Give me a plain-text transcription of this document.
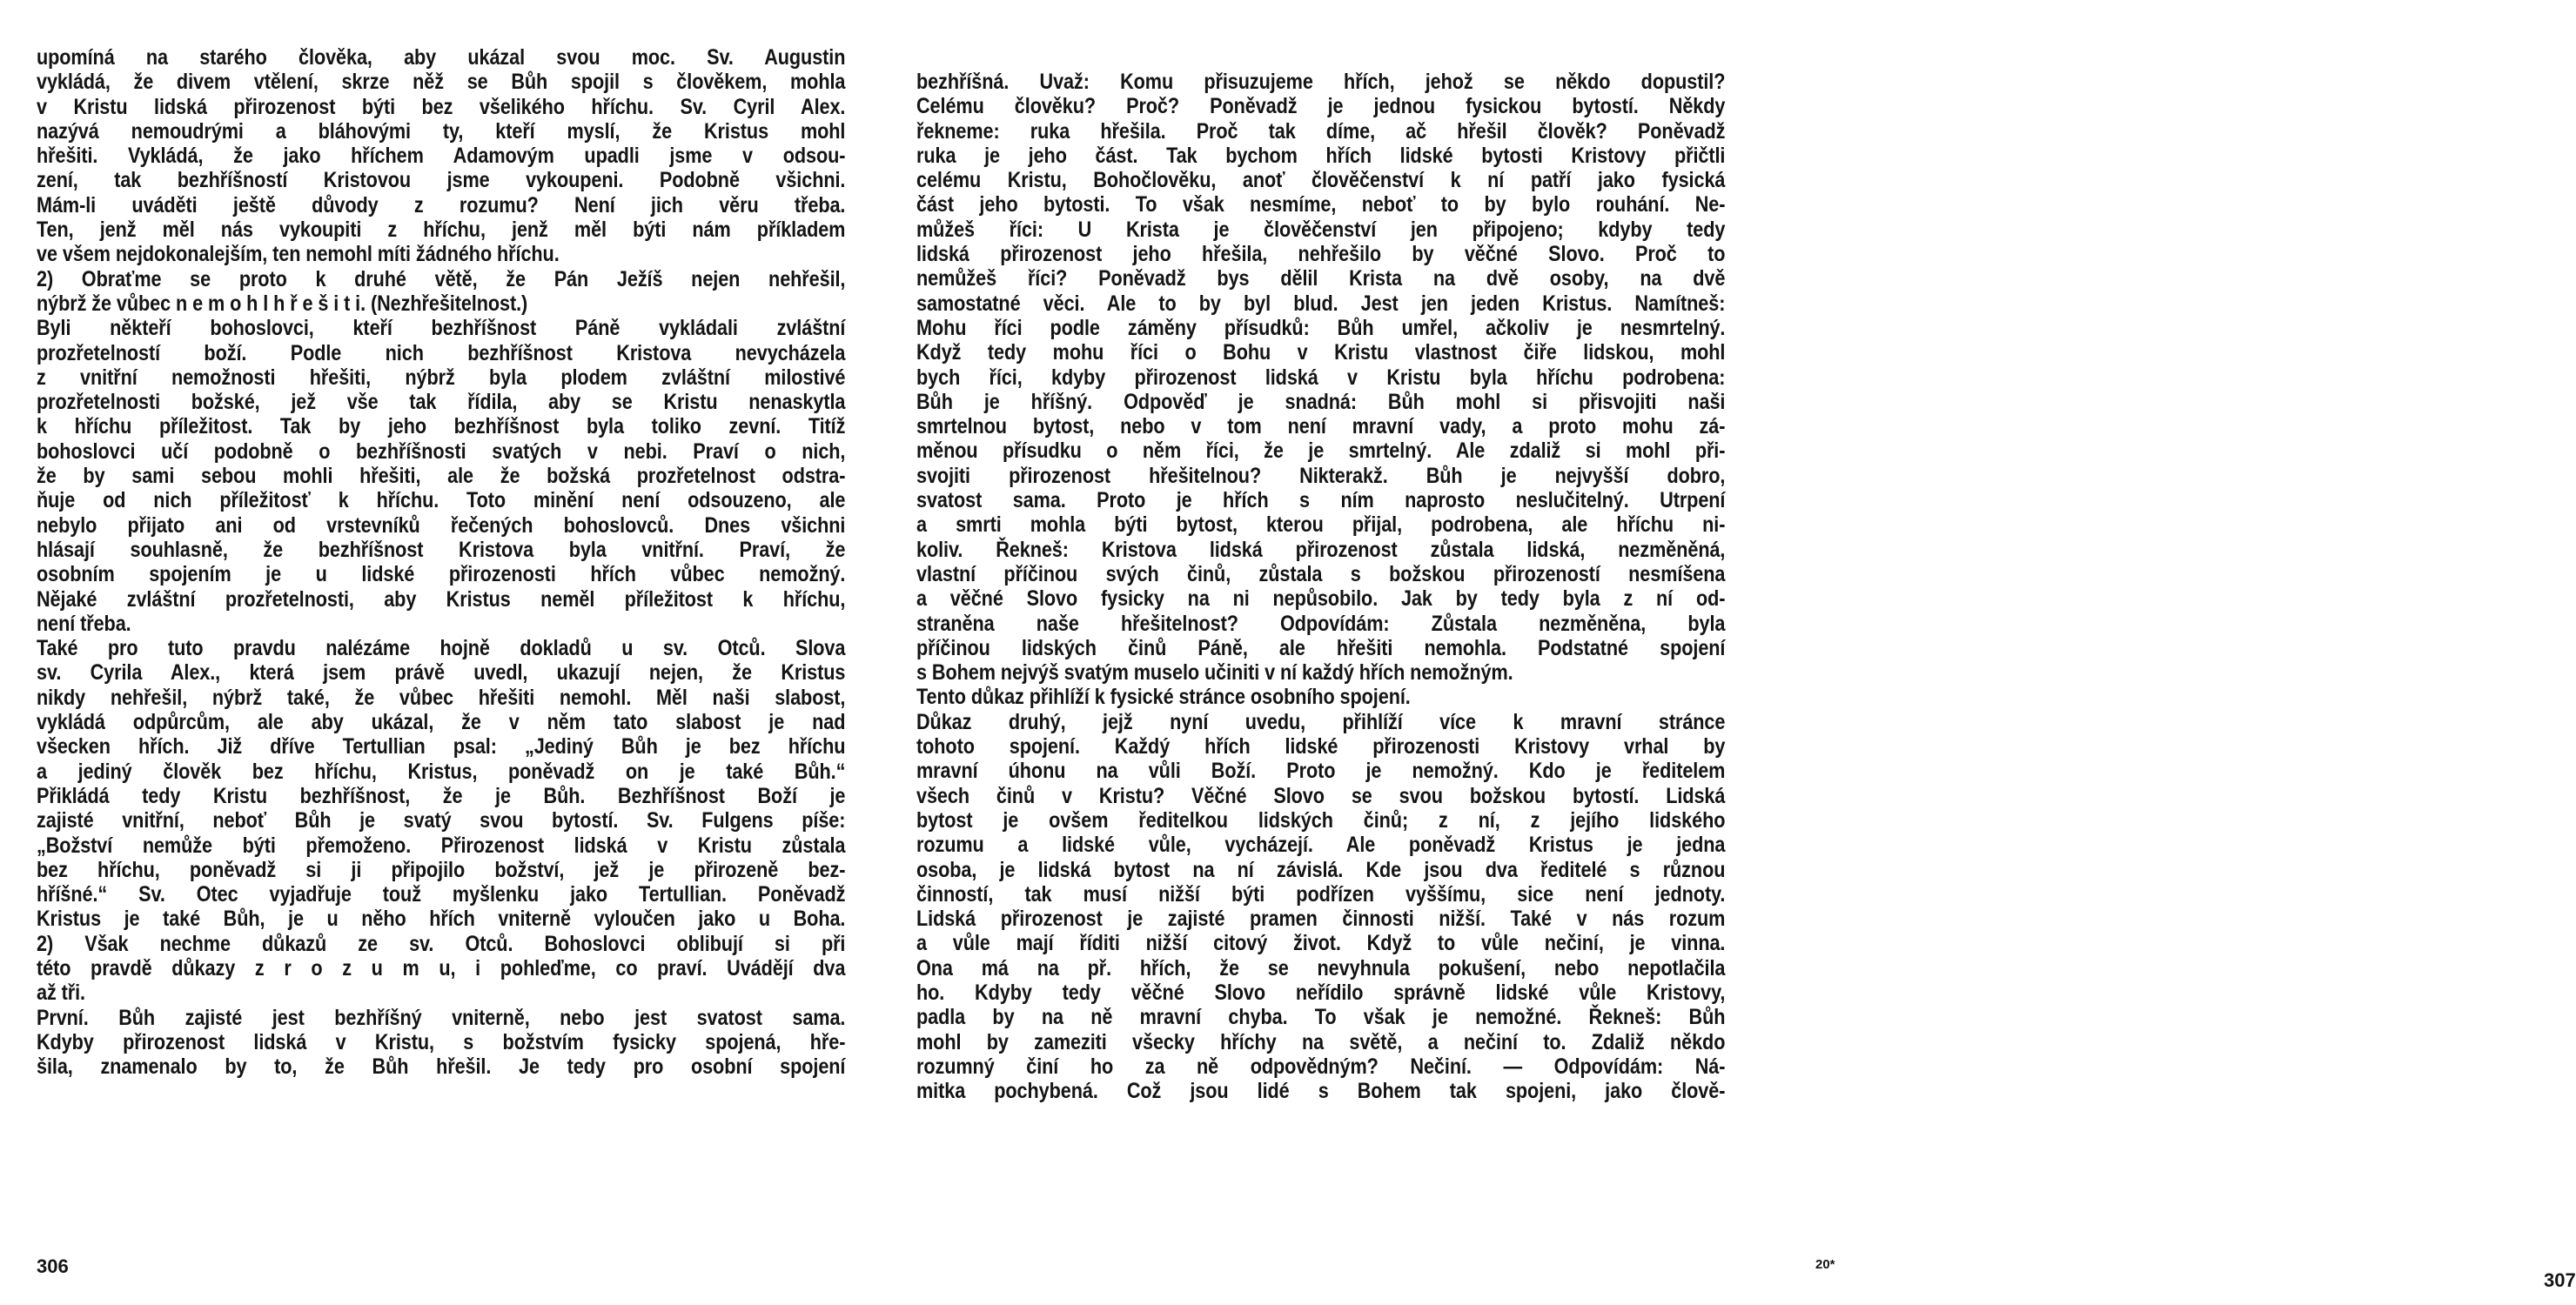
upomíná na starého člověka, aby ukázal svou moc. Sv. Augustin
vykládá, že divem vtělení, skrze něž se Bůh spojil s člověkem, mohla
v Kristu lidská přirozenost býti bez všelikého hříchu. Sv. Cyril Alex.
nazývá nemoudrými a bláhovými ty, kteří myslí, že Kristus mohl
hřešiti. Vykládá, že jako hříchem Adamovým upadli jsme v odsou-
zení, tak bezhříšností Kristovou jsme vykoupeni. Podobně všichni.
Mám-li uváděti ještě důvody z rozumu? Není jich věru třeba.
Ten, jenž měl nás vykoupiti z hříchu, jenž měl býti nám příkladem
ve všem nejdokonalejším, ten nemohl míti žádného hříchu.
2) Obraťme se proto k druhé větě, že Pán Ježíš nejen nehřešil,
nýbrž že vůbec n e m o h l h ř e š i t i. (Nezhřešitelnost.)
Byli někteří bohoslovci, kteří bezhříšnost Páně vykládali zvláštní
prozřetelností boží. Podle nich bezhříšnost Kristova nevycházela
z vnitřní nemožnosti hřešiti, nýbrž byla plodem zvláštní milostivé
prozřetelnosti božské, jež vše tak řídila, aby se Kristu nenaskytla
k hříchu příležitost. Tak by jeho bezhříšnost byla toliko zevní. Titíž
bohoslovci učí podobně o bezhříšnosti svatých v nebi. Praví o nich,
že by sami sebou mohli hřešiti, ale že božská prozřetelnost odstra-
ňuje od nich příležitosť k hříchu. Toto minění není odsouzeno, ale
nebylo přijato ani od vrstevníků řečených bohoslovců. Dnes všichni
hlásají souhlasně, že bezhříšnost Kristova byla vnitřní. Praví, že
osobním spojením je u lidské přirozenosti hřích vůbec nemožný.
Nějaké zvláštní prozřetelnosti, aby Kristus neměl příležitost k hříchu,
není třeba.
Také pro tuto pravdu nalézáme hojně dokladů u sv. Otců. Slova
sv. Cyrila Alex., která jsem právě uvedl, ukazují nejen, že Kristus
nikdy nehřešil, nýbrž také, že vůbec hřešiti nemohl. Měl naši slabost,
vykládá odpůrcům, ale aby ukázal, že v něm tato slabost je nad
všecken hřích. Již dříve Tertullian psal: „Jediný Bůh je bez hříchu
a jediný člověk bez hříchu, Kristus, poněvadž on je také Bůh.“
Přikládá tedy Kristu bezhříšnost, že je Bůh. Bezhříšnost Boží je
zajisté vnitřní, neboť Bůh je svatý svou bytostí. Sv. Fulgens píše:
„Božství nemůže býti přemoženo. Přirozenost lidská v Kristu zůstala
bez hříchu, poněvadž si ji připojilo božství, jež je přirozeně bez-
hříšné.“ Sv. Otec vyjadřuje touž myšlenku jako Tertullian. Poněvadž
Kristus je také Bůh, je u něho hřích vniterně vyloučen jako u Boha.
2) Však nechme důkazů ze sv. Otců. Bohoslovci oblibují si při
této pravdě důkazy z r o z u m u, i pohleďme, co praví. Uvádějí dva
až tři.
První. Bůh zajisté jest bezhříšný vniterně, nebo jest svatost sama.
Kdyby přirozenost lidská v Kristu, s božstvím fysicky spojená, hře-
šila, znamenalo by to, že Bůh hřešil. Je tedy pro osobní spojení
306
bezhříšná. Uvaž: Komu přisuzujeme hřích, jehož se někdo dopustil?
Celému člověku? Proč? Poněvadž je jednou fysickou bytostí. Někdy
řekneme: ruka hřešila. Proč tak díme, ač hřešil člověk? Poněvadž
ruka je jeho část. Tak bychom hřích lidské bytosti Kristovy přičtli
celému Kristu, Bohočlověku, anoť člověčenství k ní patří jako fysická
část jeho bytosti. To však nesmíme, neboť to by bylo rouhání. Ne-
můžeš říci: U Krista je člověčenství jen připojeno; kdyby tedy
lidská přirozenost jeho hřešila, nehřešilo by věčné Slovo. Proč to
nemůžeš říci? Poněvadž bys dělil Krista na dvě osoby, na dvě
samostatné věci. Ale to by byl blud. Jest jen jeden Kristus. Namítneš:
Mohu říci podle záměny přísudků: Bůh umřel, ačkoliv je nesmrtelný.
Když tedy mohu říci o Bohu v Kristu vlastnost čiře lidskou, mohl
bych říci, kdyby přirozenost lidská v Kristu byla hříchu podrobena:
Bůh je hříšný. Odpověď je snadná: Bůh mohl si přisvojiti naši
smrtelnou bytost, nebo v tom není mravní vady, a proto mohu zá-
měnou přísudku o něm říci, že je smrtelný. Ale zdaliž si mohl při-
svojiti přirozenost hřešitelnou? Nikterakž. Bůh je nejvyšší dobro,
svatost sama. Proto je hřích s ním naprosto neslučitelný. Utrpení
a smrti mohla býti bytost, kterou přijal, podrobena, ale hříchu ni-
koliv. Řekneš: Kristova lidská přirozenost zůstala lidská, nezměněná,
vlastní příčinou svých činů, zůstala s božskou přirozeností nesmíšena
a věčné Slovo fysicky na ni nepůsobilo. Jak by tedy byla z ní od-
straněna naše hřešitelnost? Odpovídám: Zůstala nezměněna, byla
příčinou lidských činů Páně, ale hřešiti nemohla. Podstatné spojení
s Bohem nejvýš svatým muselo učiniti v ní každý hřích nemožným.
Tento důkaz přihlíží k fysické stránce osobního spojení.
Důkaz druhý, jejž nyní uvedu, přihlíží více k mravní stránce
tohoto spojení. Každý hřích lidské přirozenosti Kristovy vrhal by
mravní úhonu na vůli Boží. Proto je nemožný. Kdo je ředitelem
všech činů v Kristu? Věčné Slovo se svou božskou bytostí. Lidská
bytost je ovšem ředitelkou lidských činů; z ní, z jejího lidského
rozumu a lidské vůle, vycházejí. Ale poněvadž Kristus je jedna
osoba, je lidská bytost na ní závislá. Kde jsou dva ředitelé s různou
činností, tak musí nižší býti podřízen vyššímu, sice není jednoty.
Lidská přirozenost je zajisté pramen činnosti nižší. Také v nás rozum
a vůle mají říditi nižší citový život. Když to vůle nečiní, je vinna.
Ona má na př. hřích, že se nevyhnula pokušení, nebo nepotlačila
ho. Kdyby tedy věčné Slovo neřídilo správně lidské vůle Kristovy,
padla by na ně mravní chyba. To však je nemožné. Řekneš: Bůh
mohl by zameziti všecky hříchy na světě, a nečiní to. Zdaliž někdo
rozumný činí ho za ně odpovědným? Nečiní. — Odpovídám: Ná-
mitka pochybená. Což jsou lidé s Bohem tak spojeni, jako člově-
20*
307
